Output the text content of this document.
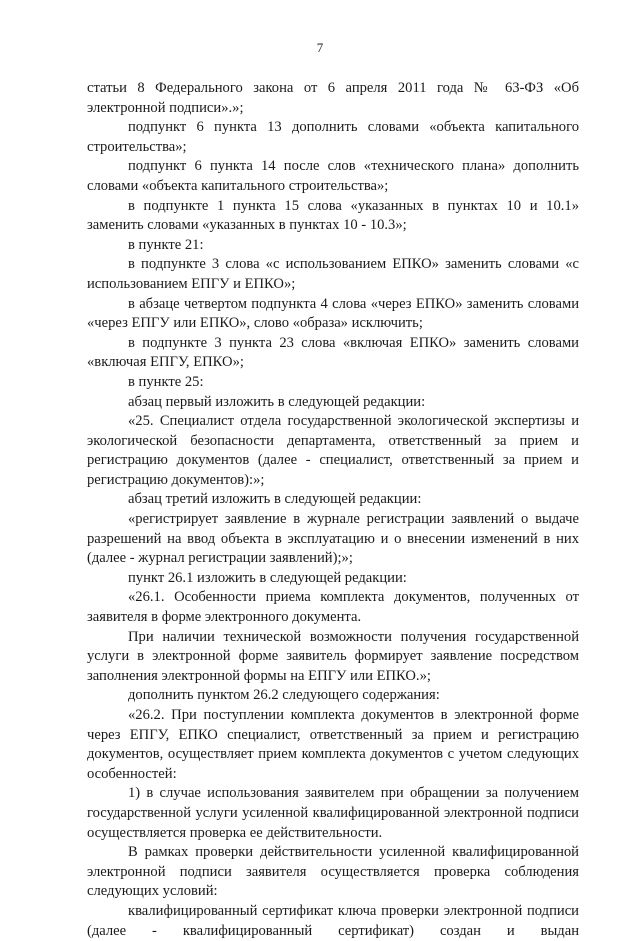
7

статьи 8 Федерального закона от 6 апреля 2011 года № 63-ФЗ «Об электронной подписи».»;

подпункт 6 пункта 13 дополнить словами «объекта капитального строительства»;

подпункт 6 пункта 14 после слов «технического плана» дополнить словами «объекта капитального строительства»;

в подпункте 1 пункта 15 слова «указанных в пунктах 10 и 10.1» заменить словами «указанных в пунктах 10 - 10.3»;

в пункте 21:

в подпункте 3 слова «с использованием ЕПКО» заменить словами «с использованием ЕПГУ и ЕПКО»;

в абзаце четвертом подпункта 4 слова «через ЕПКО» заменить словами «через ЕПГУ или ЕПКО», слово «образа» исключить;

в подпункте 3 пункта 23 слова «включая ЕПКО» заменить словами «включая ЕПГУ, ЕПКО»;

в пункте 25:

абзац первый изложить в следующей редакции:

«25. Специалист отдела государственной экологической экспертизы и экологической безопасности департамента, ответственный за прием и регистрацию документов (далее - специалист, ответственный за прием и регистрацию документов):»;

абзац третий изложить в следующей редакции:

«регистрирует заявление в журнале регистрации заявлений о выдаче разрешений на ввод объекта в эксплуатацию и о внесении изменений в них (далее - журнал регистрации заявлений);»;

пункт 26.1 изложить в следующей редакции:

«26.1. Особенности приема комплекта документов, полученных от заявителя в форме электронного документа.

При наличии технической возможности получения государственной услуги в электронной форме заявитель формирует заявление посредством заполнения электронной формы на ЕПГУ или ЕПКО.»;

дополнить пунктом 26.2 следующего содержания:

«26.2. При поступлении комплекта документов в электронной форме через ЕПГУ, ЕПКО специалист, ответственный за прием и регистрацию документов, осуществляет прием комплекта документов с учетом следующих особенностей:

1) в случае использования заявителем при обращении за получением государственной услуги усиленной квалифицированной электронной подписи осуществляется проверка ее действительности.

В рамках проверки действительности усиленной квалифицированной электронной подписи заявителя осуществляется проверка соблюдения следующих условий:

квалифицированный сертификат ключа проверки электронной подписи (далее - квалифицированный сертификат) создан и выдан
